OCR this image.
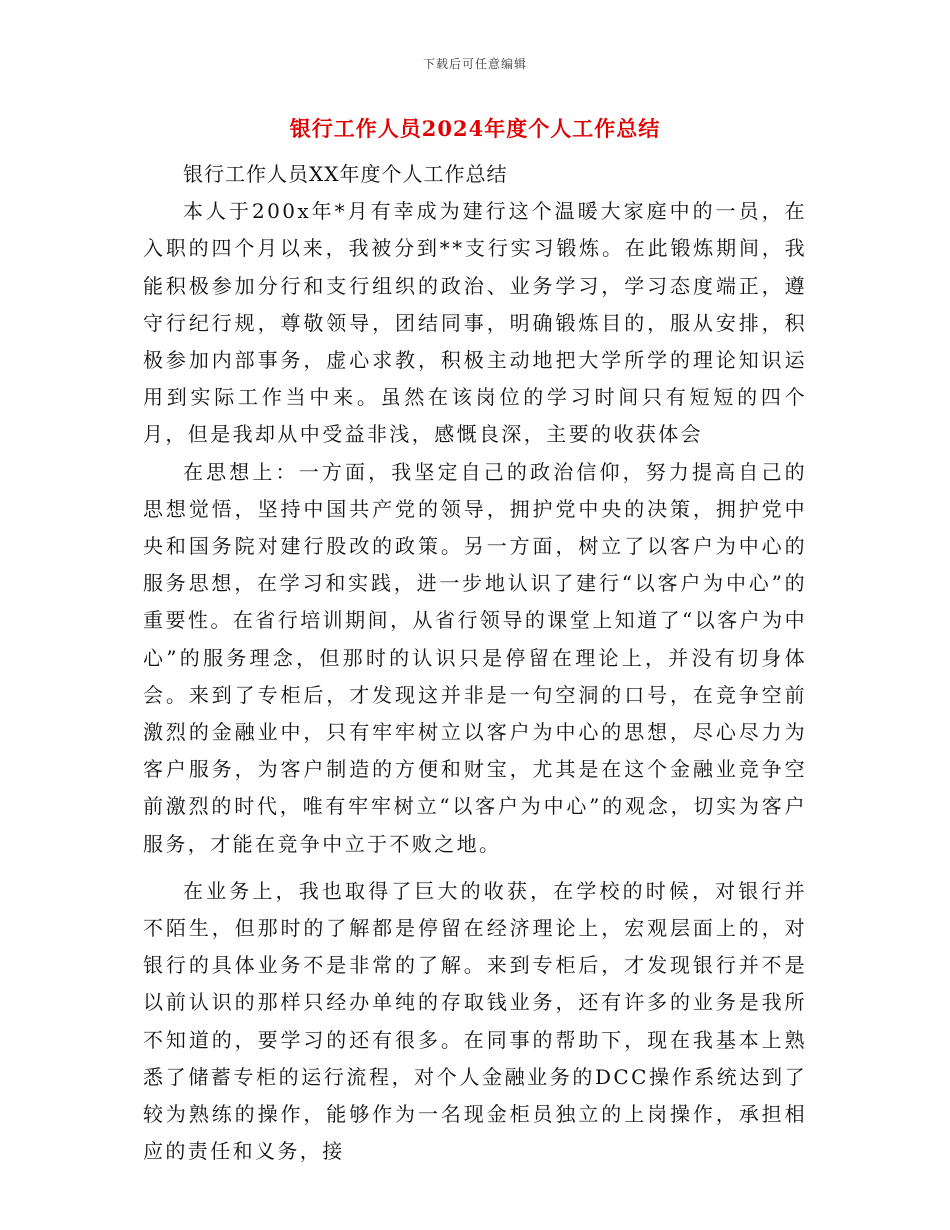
下载后可任意编辑
银行工作人员2024年度个人工作总结

银行工作人员XX年度个人工作总结

本人于200x年*月有幸成为建行这个温暖大家庭中的一员，在入职的四个月以来，我被分到**支行实习锻炼。在此锻炼期间，我能积极参加分行和支行组织的政治、业务学习，学习态度端正，遵守行纪行规，尊敬领导，团结同事，明确锻炼目的，服从安排，积极参加内部事务，虚心求教，积极主动地把大学所学的理论知识运用到实际工作当中来。虽然在该岗位的学习时间只有短短的四个月，但是我却从中受益非浅，感慨良深，主要的收获体会

在思想上：一方面，我坚定自己的政治信仰，努力提高自己的思想觉悟，坚持中国共产党的领导，拥护党中央的决策，拥护党中央和国务院对建行股改的政策。另一方面，树立了以客户为中心的服务思想，在学习和实践，进一步地认识了建行“以客户为中心”的重要性。在省行培训期间，从省行领导的课堂上知道了“以客户为中心”的服务理念，但那时的认识只是停留在理论上，并没有切身体会。来到了专柜后，才发现这并非是一句空洞的口号，在竞争空前激烈的金融业中，只有牢牢树立以客户为中心的思想，尽心尽力为客户服务，为客户制造的方便和财宝，尤其是在这个金融业竞争空前激烈的时代，唯有牢牢树立“以客户为中心”的观念，切实为客户服务，才能在竞争中立于不败之地。

在业务上，我也取得了巨大的收获，在学校的时候，对银行并不陌生，但那时的了解都是停留在经济理论上，宏观层面上的，对银行的具体业务不是非常的了解。来到专柜后，才发现银行并不是以前认识的那样只经办单纯的存取钱业务，还有许多的业务是我所不知道的，要学习的还有很多。在同事的帮助下，现在我基本上熟悉了储蓄专柜的运行流程，对个人金融业务的DCC操作系统达到了较为熟练的操作，能够作为一名现金柜员独立的上岗操作，承担相应的责任和义务，接
